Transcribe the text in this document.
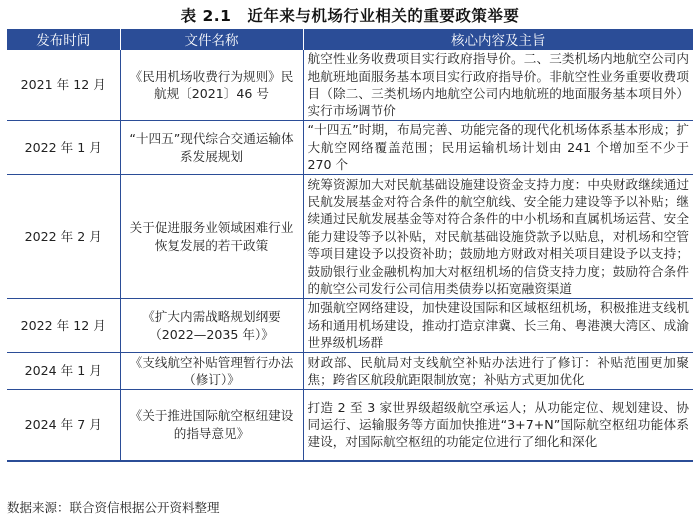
表 2.1　近年来与机场行业相关的重要政策举要
发布时间	文件名称	核心内容及主旨
2021 年 12 月	《民用机场收费行为规则》民航规〔2021〕46 号	航空性业务收费项目实行政府指导价。二、三类机场内地航空公司内地航班地面服务基本项目实行政府指导价。非航空性业务重要收费项目（除二、三类机场内地航空公司内地航班的地面服务基本项目外）实行市场调节价
2022 年 1 月	“十四五”现代综合交通运输体系发展规划	“十四五”时期，布局完善、功能完备的现代化机场体系基本形成；扩大航空网络覆盖范围；民用运输机场计划由 241 个增加至不少于 270 个
2022 年 2 月	关于促进服务业领域困难行业恢复发展的若干政策	统筹资源加大对民航基础设施建设资金支持力度：中央财政继续通过民航发展基金对符合条件的航空航线、安全能力建设等予以补贴；继续通过民航发展基金等对符合条件的中小机场和直属机场运营、安全能力建设等予以补贴，对民航基础设施贷款予以贴息，对机场和空管等项目建设予以投资补助；鼓励地方财政对相关项目建设予以支持；鼓励银行业金融机构加大对枢纽机场的信贷支持力度；鼓励符合条件的航空公司发行公司信用类债券以拓宽融资渠道
2022 年 12 月	《扩大内需战略规划纲要（2022—2035 年）》	加强航空网络建设，加快建设国际和区域枢纽机场，积极推进支线机场和通用机场建设，推动打造京津冀、长三角、粤港澳大湾区、成渝世界级机场群
2024 年 1 月	《支线航空补贴管理暂行办法（修订）》	财政部、民航局对支线航空补贴办法进行了修订：补贴范围更加聚焦；跨省区航段航距限制放宽；补贴方式更加优化
2024 年 7 月	《关于推进国际航空枢纽建设的指导意见》	打造 2 至 3 家世界级超级航空承运人；从功能定位、规划建设、协同运行、运输服务等方面加快推进“3+7+N”国际航空枢纽功能体系建设，对国际航空枢纽的功能定位进行了细化和深化
数据来源：联合资信根据公开资料整理
